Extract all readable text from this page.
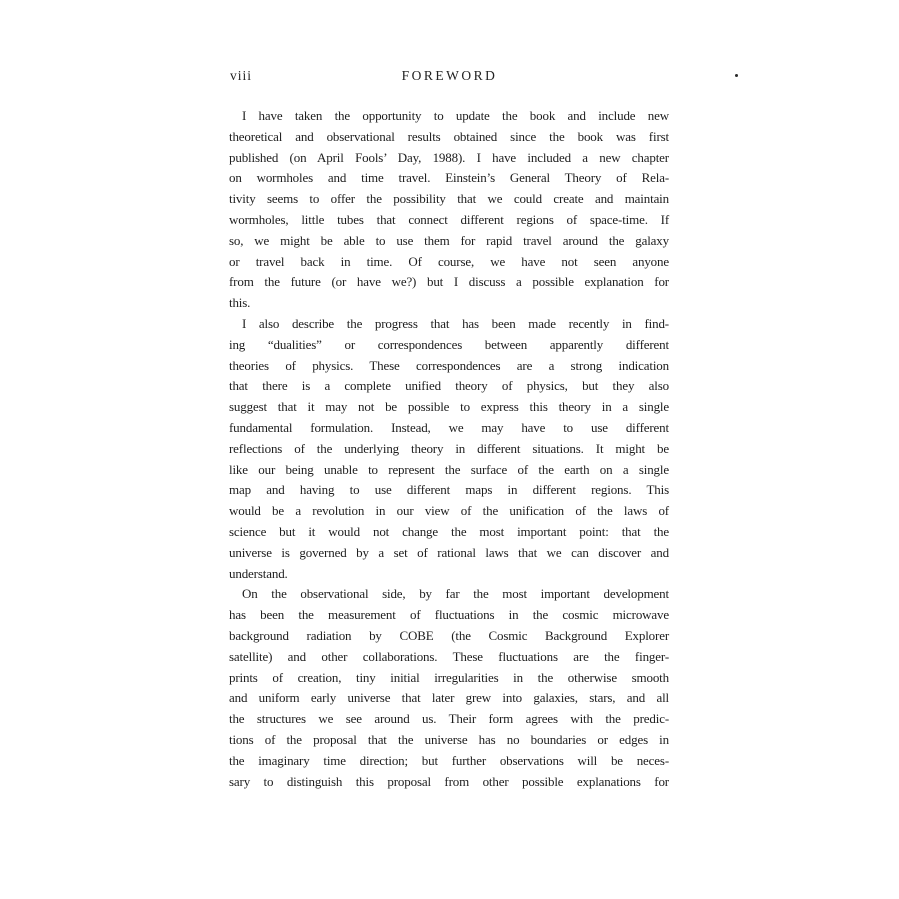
viii	FOREWORD
I have taken the opportunity to update the book and include new
theoretical and observational results obtained since the book was first
published (on April Fools’ Day, 1988). I have included a new chapter
on wormholes and time travel. Einstein’s General Theory of Rela-
tivity seems to offer the possibility that we could create and maintain
wormholes, little tubes that connect different regions of space-time. If
so, we might be able to use them for rapid travel around the galaxy
or travel back in time. Of course, we have not seen anyone
from the future (or have we?) but I discuss a possible explanation for
this.
I also describe the progress that has been made recently in find-
ing “dualities” or correspondences between apparently different
theories of physics. These correspondences are a strong indication
that there is a complete unified theory of physics, but they also
suggest that it may not be possible to express this theory in a single
fundamental formulation. Instead, we may have to use different
reflections of the underlying theory in different situations. It might be
like our being unable to represent the surface of the earth on a single
map and having to use different maps in different regions. This
would be a revolution in our view of the unification of the laws of
science but it would not change the most important point: that the
universe is governed by a set of rational laws that we can discover and
understand.
On the observational side, by far the most important development
has been the measurement of fluctuations in the cosmic microwave
background radiation by COBE (the Cosmic Background Explorer
satellite) and other collaborations. These fluctuations are the finger-
prints of creation, tiny initial irregularities in the otherwise smooth
and uniform early universe that later grew into galaxies, stars, and all
the structures we see around us. Their form agrees with the predic-
tions of the proposal that the universe has no boundaries or edges in
the imaginary time direction; but further observations will be neces-
sary to distinguish this proposal from other possible explanations for
